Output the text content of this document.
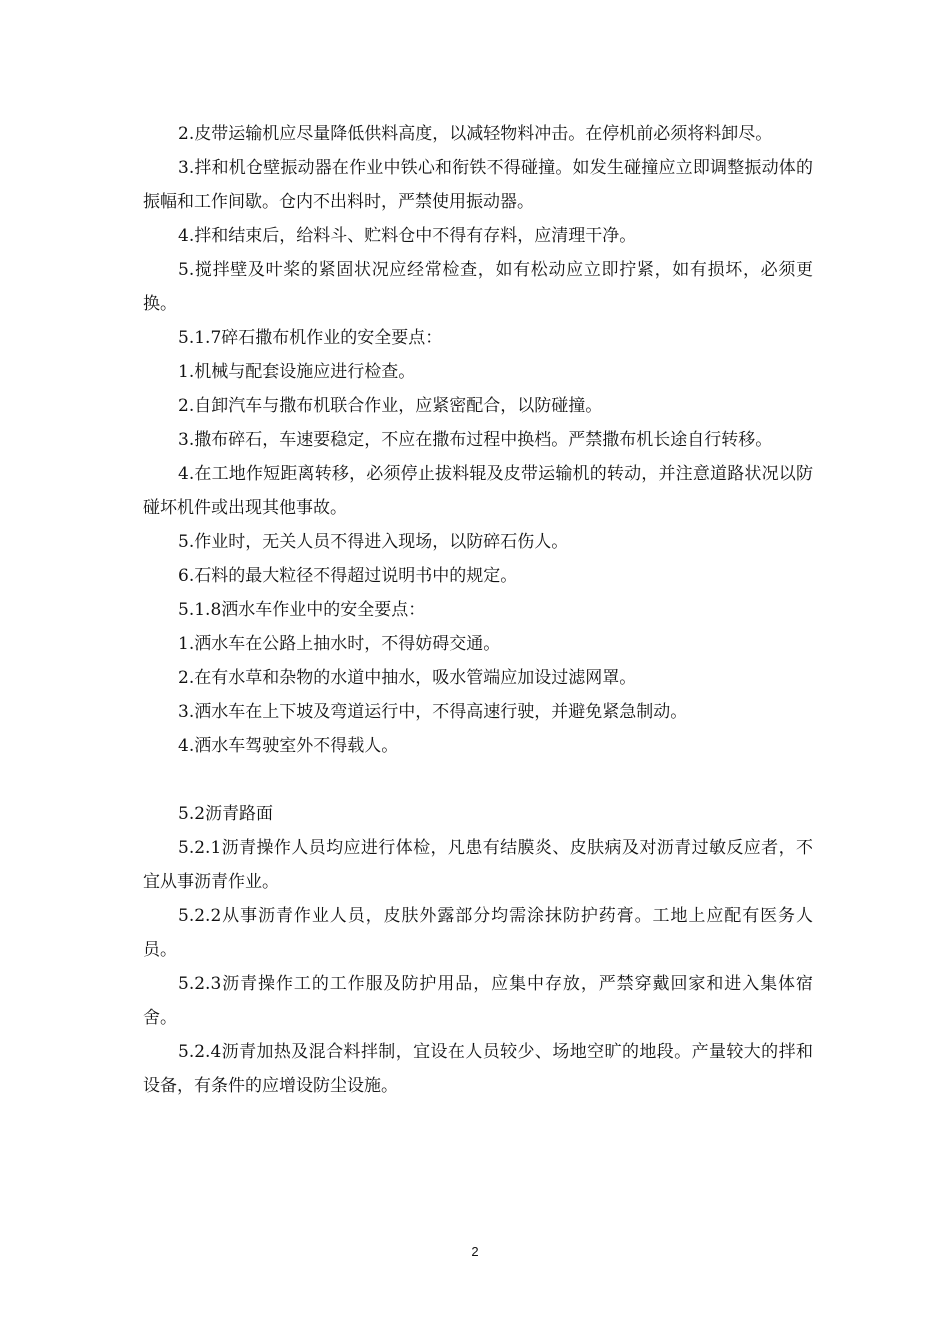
2.皮带运输机应尽量降低供料高度，以减轻物料冲击。在停机前必须将料卸尽。

3.拌和机仓壁振动器在作业中铁心和衔铁不得碰撞。如发生碰撞应立即调整振动体的振幅和工作间歇。仓内不出料时，严禁使用振动器。

4.拌和结束后，给料斗、贮料仓中不得有存料，应清理干净。

5.搅拌壁及叶桨的紧固状况应经常检查，如有松动应立即拧紧，如有损坏，必须更换。

5.1.7碎石撒布机作业的安全要点：

1.机械与配套设施应进行检查。

2.自卸汽车与撒布机联合作业，应紧密配合，以防碰撞。

3.撒布碎石，车速要稳定，不应在撒布过程中换档。严禁撒布机长途自行转移。

4.在工地作短距离转移，必须停止拔料辊及皮带运输机的转动，并注意道路状况以防碰坏机件或出现其他事故。

5.作业时，无关人员不得进入现场，以防碎石伤人。

6.石料的最大粒径不得超过说明书中的规定。

5.1.8洒水车作业中的安全要点：

1.洒水车在公路上抽水时，不得妨碍交通。

2.在有水草和杂物的水道中抽水，吸水管端应加设过滤网罩。

3.洒水车在上下坡及弯道运行中，不得高速行驶，并避免紧急制动。

4.洒水车驾驶室外不得载人。

5.2沥青路面

5.2.1沥青操作人员均应进行体检，凡患有结膜炎、皮肤病及对沥青过敏反应者，不宜从事沥青作业。

5.2.2从事沥青作业人员，皮肤外露部分均需涂抹防护药膏。工地上应配有医务人员。

5.2.3沥青操作工的工作服及防护用品，应集中存放，严禁穿戴回家和进入集体宿舍。

5.2.4沥青加热及混合料拌制，宜设在人员较少、场地空旷的地段。产量较大的拌和设备，有条件的应增设防尘设施。

2
